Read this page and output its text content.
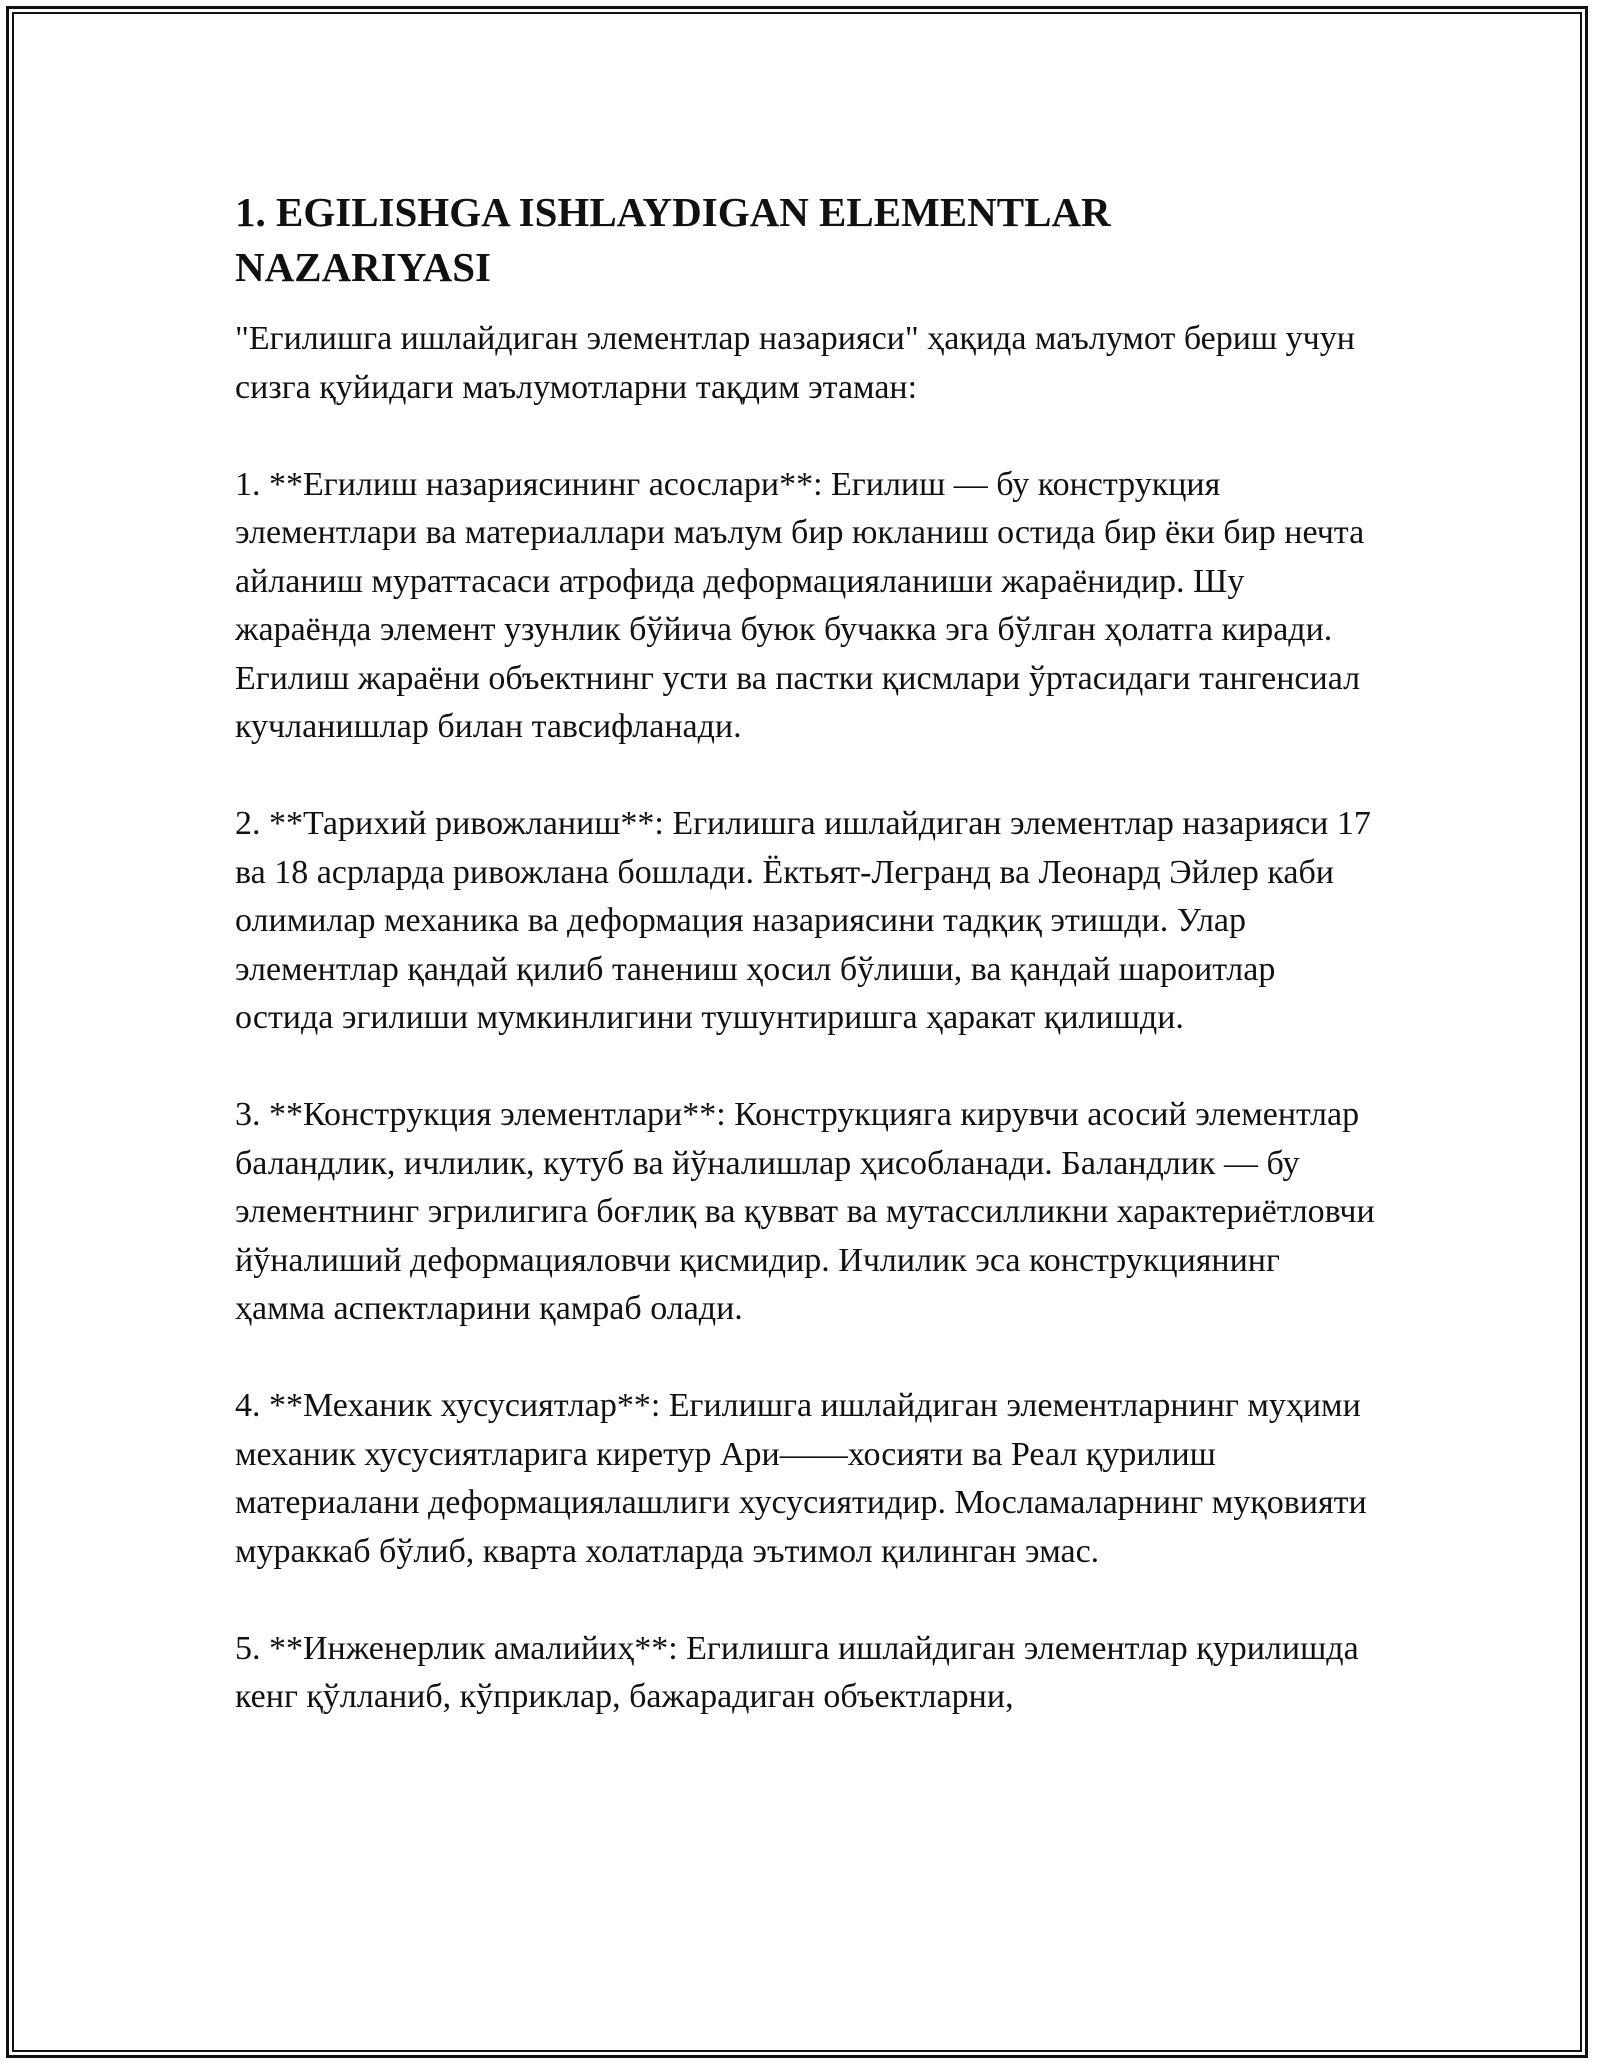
1. EGILISHGA ISHLAYDIGAN ELEMENTLAR NAZARIYASI

"Егилишга ишлайдиган элементлар назарияси" ҳақида маълумот бериш учун сизга қуйидаги маълумотларни тақдим этаман:

1. **Егилиш назариясининг асослари**: Егилиш — бу конструкция элементлари ва материаллари маълум бир юкланиш остида бир ёки бир нечта айланиш мураттасаси атрофида деформацияланиши жараёнидир. Шу жараёнда элемент узунлик бўйича буюк бучакка эга бўлган ҳолатга киради. Егилиш жараёни объектнинг усти ва пастки қисмлари ўртасидаги тангенсиал кучланишлар билан тавсифланади.

2. **Тарихий ривожланиш**: Егилишга ишлайдиган элементлар назарияси 17 ва 18 асрларда ривожлана бошлади. Ёктьят-Легранд ва Леонард Эйлер каби олимилар механика ва деформация назариясини тадқиқ этишди. Улар элементлар қандай қилиб тaнениш ҳосил бўлиши, ва қандай шароитлар остида эгилиши мумкинлигини тушунтиришга ҳаракат қилишди.

3. **Конструкция элементлари**: Конструкцияга кирувчи асосий элементлар баландлик, ичлилик, кутуб ва йўналишлар ҳисобланади. Баландлик — бу элементнинг эгрилигига боғлиқ ва қувват ва мутассилликни характериётловчи йўналиший деформацияловчи қисмидир. Ичлилик эса конструкциянинг ҳамма аспектларини қамраб олади.

4. **Механик хусусиятлар**: Егилишга ишлайдиган элементларнинг муҳими механик хусусиятларига киретур Ари——хосияти ва Реал қурилиш материалани деформациялашлиги хусусиятидир. Мосламаларнинг муқовияти мураккаб бўлиб, кварта холатларда эътимол қилинган эмас.

5. **Инженерлик амалийиҳ**: Егилишга ишлайдиган элементлар қурилишда кенг қўлланиб, кўприклар, бажарадиган объектларни,
